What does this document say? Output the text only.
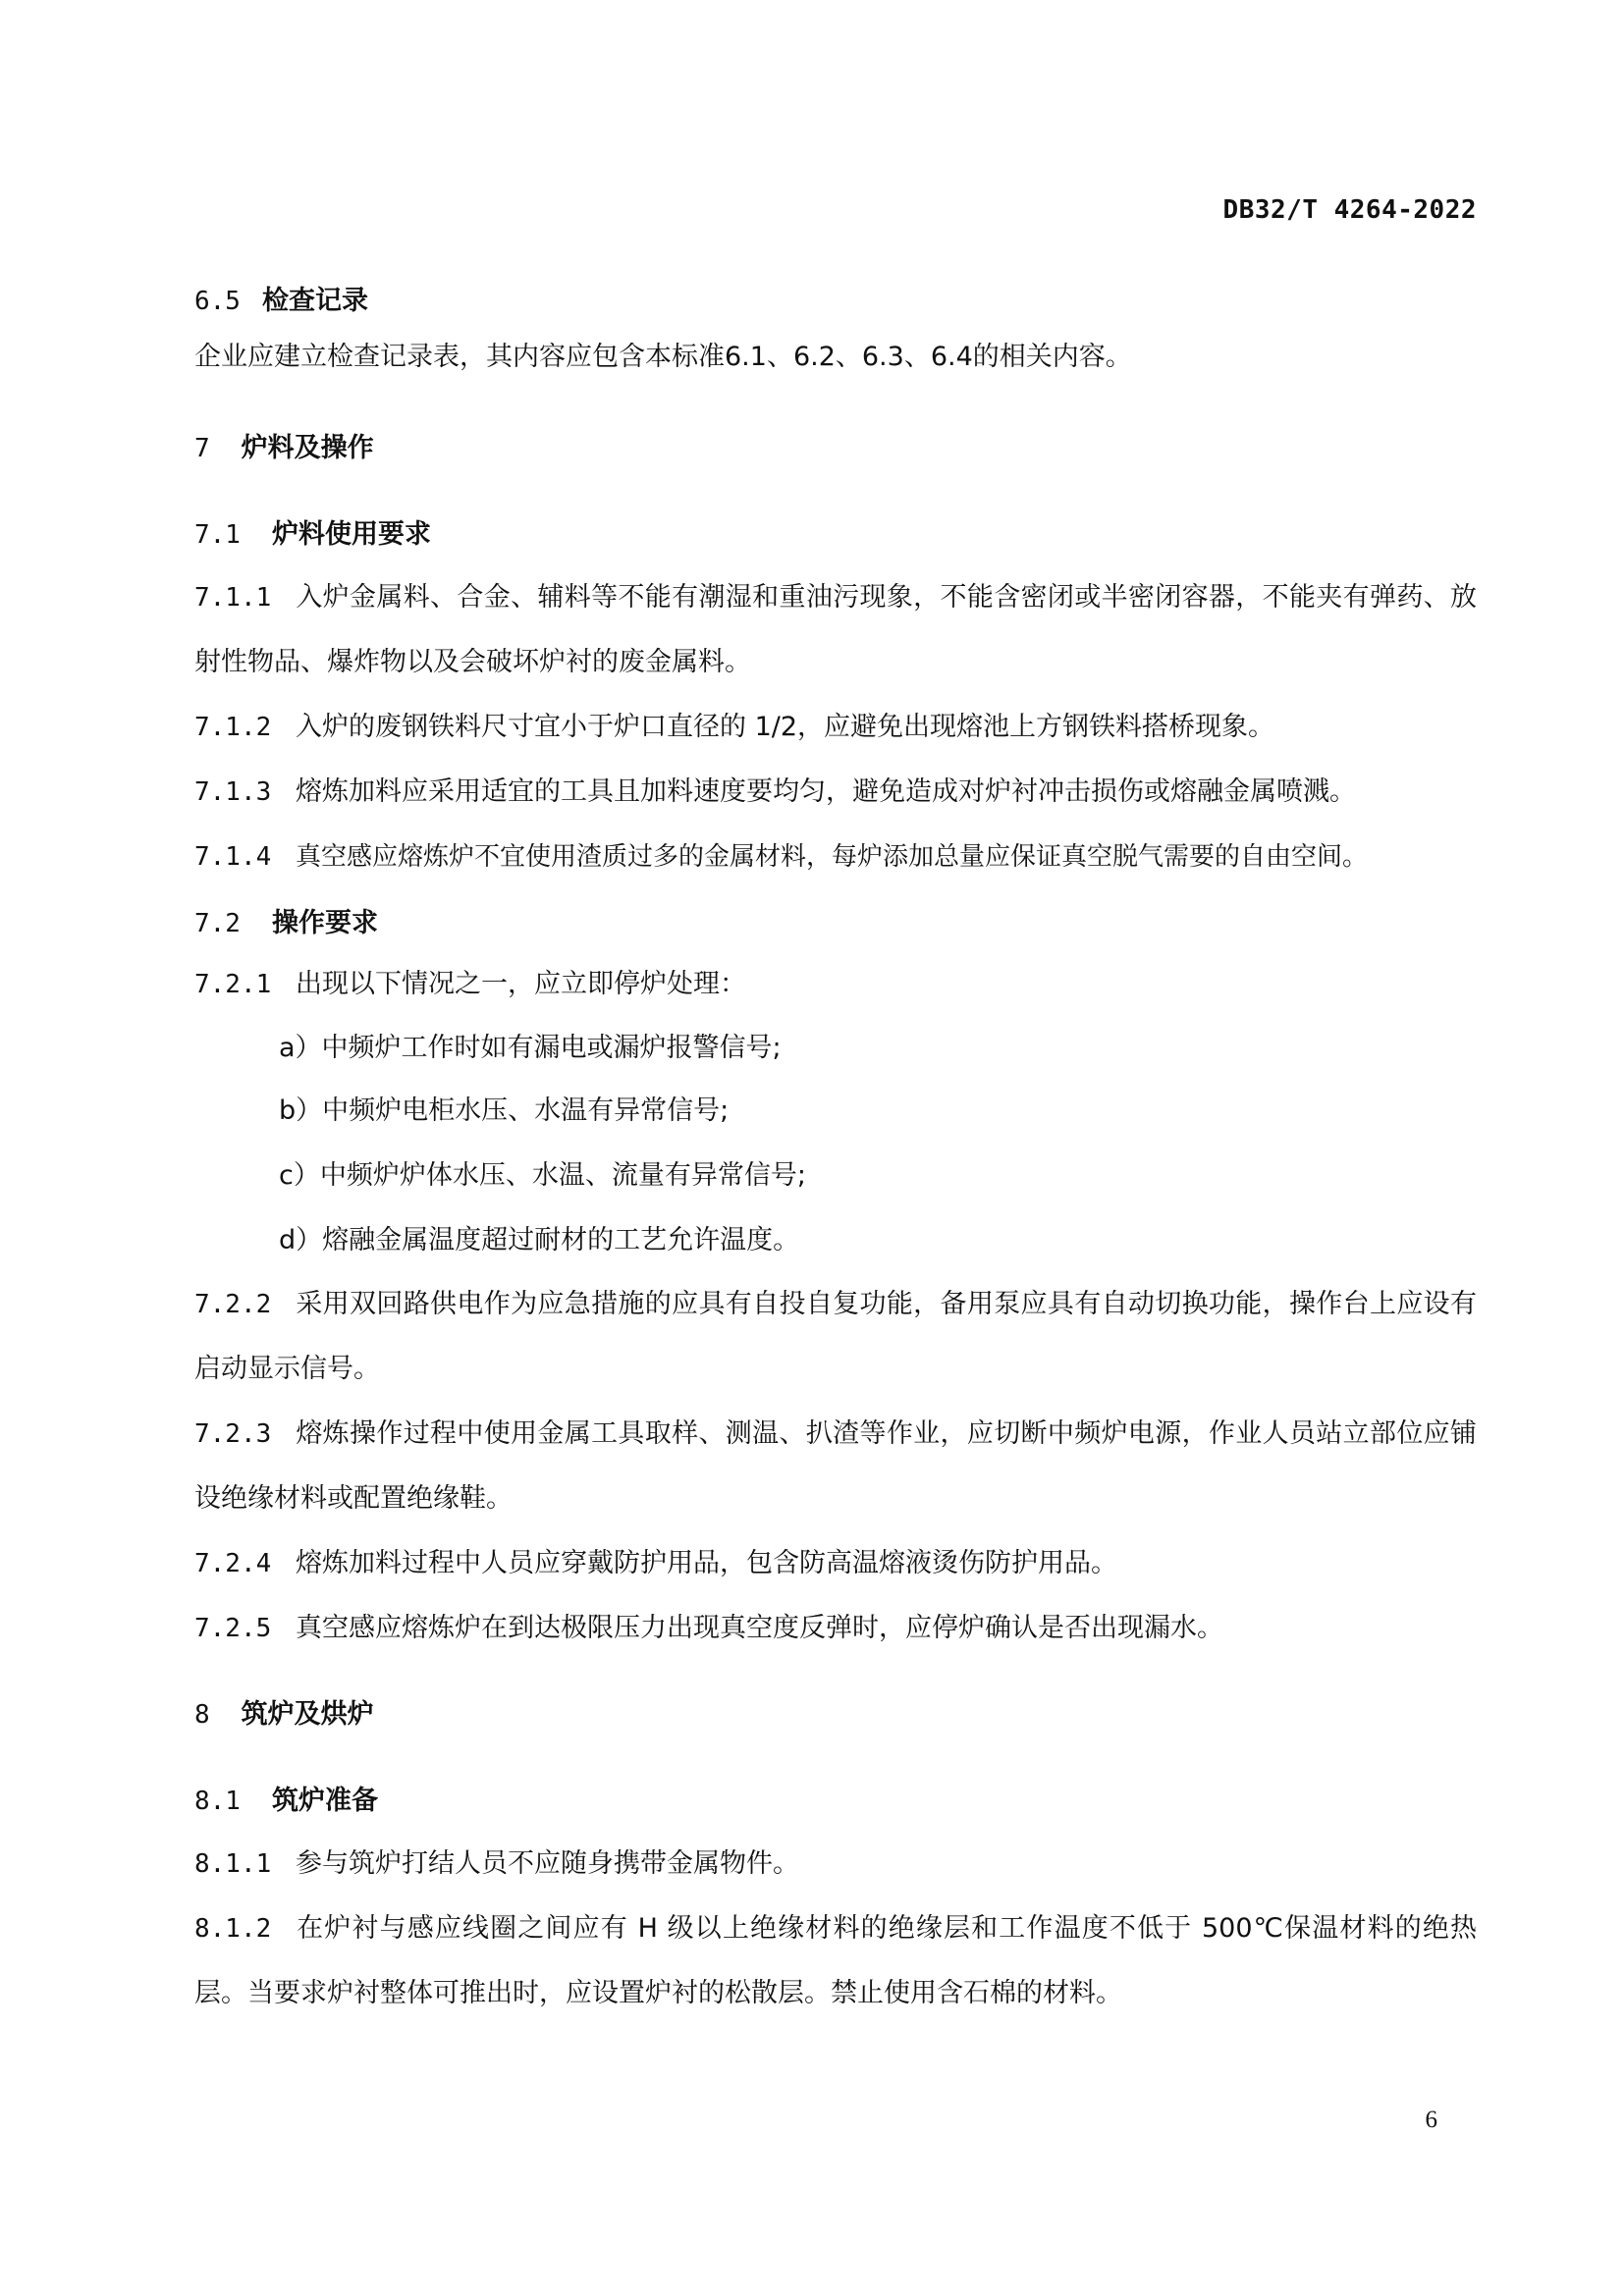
DB32/T 4264-2022
6.5 检查记录
企业应建立检查记录表，其内容应包含本标准6.1、6.2、6.3、6.4的相关内容。
7 炉料及操作
7.1 炉料使用要求
7.1.1 入炉金属料、合金、辅料等不能有潮湿和重油污现象，不能含密闭或半密闭容器，不能夹有弹药、放射性物品、爆炸物以及会破坏炉衬的废金属料。
7.1.2 入炉的废钢铁料尺寸宜小于炉口直径的 1/2，应避免出现熔池上方钢铁料搭桥现象。
7.1.3 熔炼加料应采用适宜的工具且加料速度要均匀，避免造成对炉衬冲击损伤或熔融金属喷溅。
7.1.4 真空感应熔炼炉不宜使用渣质过多的金属材料，每炉添加总量应保证真空脱气需要的自由空间。
7.2 操作要求
7.2.1 出现以下情况之一，应立即停炉处理：
a）中频炉工作时如有漏电或漏炉报警信号;
b）中频炉电柜水压、水温有异常信号;
c）中频炉炉体水压、水温、流量有异常信号;
d）熔融金属温度超过耐材的工艺允许温度。
7.2.2 采用双回路供电作为应急措施的应具有自投自复功能，备用泵应具有自动切换功能，操作台上应设有启动显示信号。
7.2.3 熔炼操作过程中使用金属工具取样、测温、扒渣等作业，应切断中频炉电源，作业人员站立部位应铺设绝缘材料或配置绝缘鞋。
7.2.4 熔炼加料过程中人员应穿戴防护用品，包含防高温熔液烫伤防护用品。
7.2.5 真空感应熔炼炉在到达极限压力出现真空度反弹时，应停炉确认是否出现漏水。
8 筑炉及烘炉
8.1 筑炉准备
8.1.1 参与筑炉打结人员不应随身携带金属物件。
8.1.2 在炉衬与感应线圈之间应有 H 级以上绝缘材料的绝缘层和工作温度不低于 500℃保温材料的绝热层。当要求炉衬整体可推出时，应设置炉衬的松散层。禁止使用含石棉的材料。
6
